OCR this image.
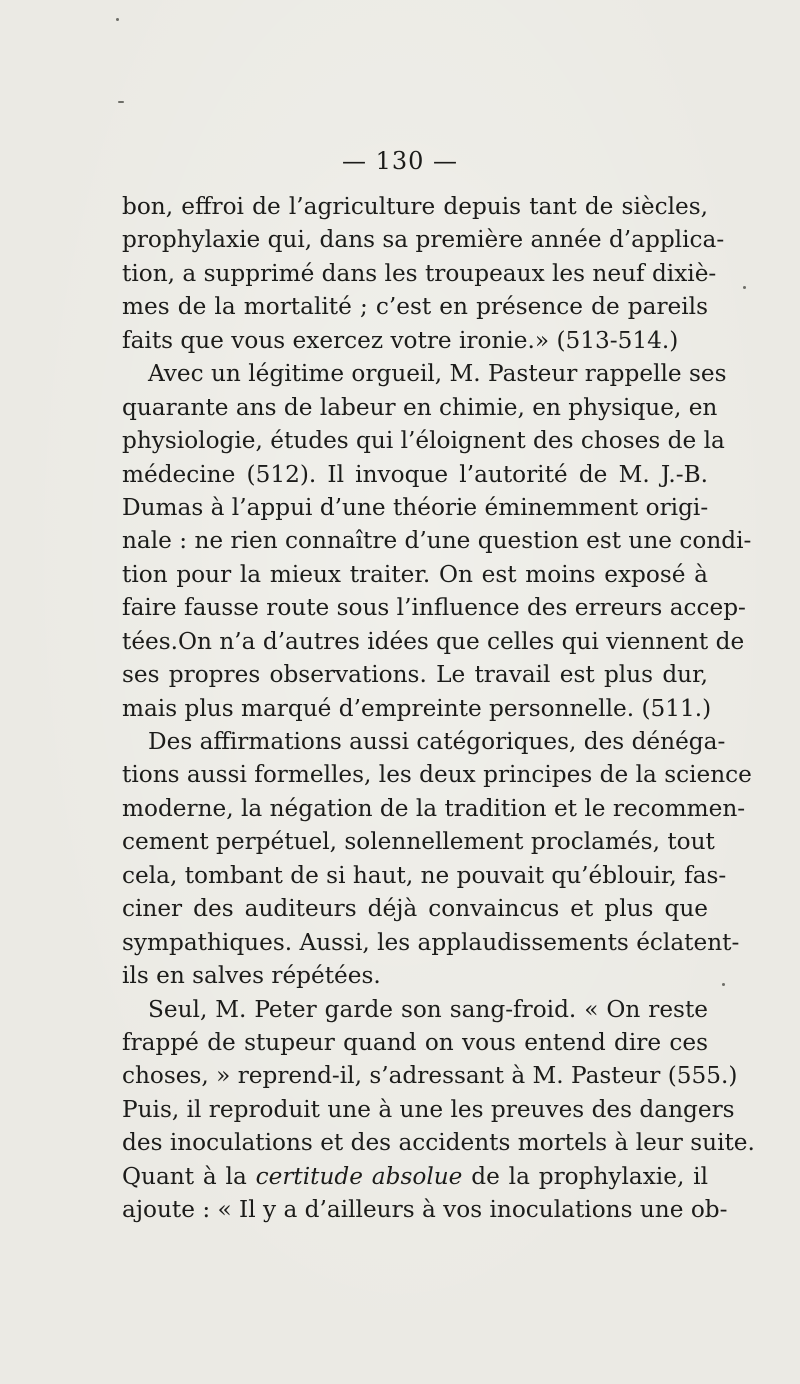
— 130 —
bon, effroi de l’agriculture depuis tant de siècles,
prophylaxie qui, dans sa première année d’applica-
tion, a supprimé dans les troupeaux les neuf dixiè-
mes de la mortalité ; c’est en présence de pareils
faits que vous exercez votre ironie.» (513-514.)
Avec un légitime orgueil, M. Pasteur rappelle ses
quarante ans de labeur en chimie, en physique, en
physiologie, études qui l’éloignent des choses de la
médecine (512). Il invoque l’autorité de M. J.-B.
Dumas à l’appui d’une théorie éminemment origi-
nale : ne rien connaître d’une question est une condi-
tion pour la mieux traiter. On est moins exposé à
faire fausse route sous l’influence des erreurs accep-
tées.On n’a d’autres idées que celles qui viennent de
ses propres observations. Le travail est plus dur,
mais plus marqué d’empreinte personnelle. (511.)
Des affirmations aussi catégoriques, des dénéga-
tions aussi formelles, les deux principes de la science
moderne, la négation de la tradition et le recommen-
cement perpétuel, solennellement proclamés, tout
cela, tombant de si haut, ne pouvait qu’éblouir, fas-
ciner des auditeurs déjà convaincus et plus que
sympathiques. Aussi, les applaudissements éclatent-
ils en salves répétées.
Seul, M. Peter garde son sang-froid. « On reste
frappé de stupeur quand on vous entend dire ces
choses, » reprend-il, s’adressant à M. Pasteur (555.)
Puis, il reproduit une à une les preuves des dangers
des inoculations et des accidents mortels à leur suite.
Quant à la certitude absolue de la prophylaxie, il
ajoute : « Il y a d’ailleurs à vos inoculations une ob-
